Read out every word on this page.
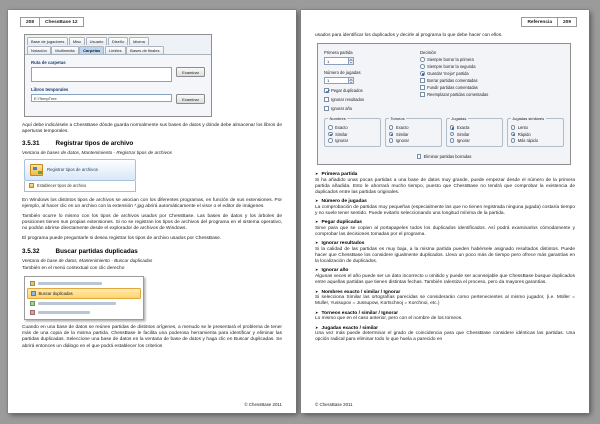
208	ChessBase 12
Base de jugadores	Misc	Usuario	Diseño	Idioma
Notación	Multimedia	Carpetas	Límites	Bases de finales
Ruta de carpetas
Examinar
Libros temporales
E:\TempTree	Examinar

Aquí debe indicársele a ChessBase dónde guarda normalmente sus bases de datos y dónde debe almacenar los libros de aperturas temporales.

3.5.31	Registrar tipos de archivo
Ventana de bases de datos, Mantenimiento - Registrar tipos de archivos
Registrar tipos de archivos
Establecer tipos de archivo

En Windows los distintos tipos de archivos se asocian con los diferentes programas, en función de sus extensiones. Por ejemplo, al hacer clic en un archivo con la extensión *.jpg abrirá automáticamente el visor o el editor de imágenes.

También ocurre lo mismo con los tipos de archivos usados por ChessBase. Las bases de datos y los árboles de posiciones tienen sus propias extensiones. Si no se registran los tipos de archivos del programa en el sistema operativo, no podrán abrirse directamente desde el explorador de archivos de Windows.

El programa puede preguntarle si desea registrar los tipos de archivo usados por ChessBase.

3.5.32	Buscar partidas duplicadas
Ventana de base de datos, Mantenimiento - Buscar duplicadas

También en el menú contextual con clic derecho

Buscar duplicadas

Cuando en una base de datos se reúnen partidas de distintos orígenes, a menudo se le presentará el problema de tener más de una copia de la misma partida. ChessBase le facilita una poderosa herramienta para identificar y eliminar las partidas duplicadas. Seleccione una base de datos en la ventana de base de datos y haga clic en Buscar duplicadas. Se abrirá entonces un diálogo en el que podrá establecer los criterios

© ChessBase 2011
Referencia	209

usados para identificar los duplicados y decirle al programa lo que debe hacer con ellos.

Primera partida
1
Número de jugadas
1
Pegar duplicados
Ignorar resultados
Ignorar año
Decisión
Siempre borrar la primera
Siempre borrar la segunda
Guardar 'mejor' partida
Borrar partidas comentadas
Fundir partidas comentadas
Reemplazar partidas comentadas
Nombres
Exacto
Similar
Ignorar
Torneos
Exacto
Similar
Ignorar
Jugadas
Exacta
Similar
Ignorar
Jugadas similares
Lento
Rápido
Más rápido
Eliminar partidas borradas
➤ Primera partida
Si ha añadido unas pocas partidas a una base de datos muy grande, puede empezar desde el número de la primera partida añadida. Esto le ahorrará mucho tiempo, puesto que ChessBase no tendrá que comprobar la existencia de duplicados entre las partidas originales.
➤ Número de jugadas
La comprobación de partidas muy pequeñas (especialmente las que no tienen registrada ninguna jugada) costaría tiempo y no suele tener sentido. Puede evitarlo seleccionando una longitud mínima de la partida.
➤ Pegar duplicadas
Sirve para que se copien al portapapeles todos los duplicados identificados. Así podrá examinarlos cómodamente y comprobar las decisiones tomadas por el programa.
➤ Ignorar resultados
Si la calidad de las partidas es muy baja, a la misma partida pueden habérsele asignado resultados distintos. Puede hacer que ChessBase los considere igualmente duplicados. Lleva un poco más de tiempo pero ofrece más garantías en la localización de duplicados.
➤ Ignorar año
Algunas veces el año puede ser un dato incorrecto u omitido y puede ser aconsejable que ChessBase busque duplicados entre aquellas partidas que tienen distintas fechas. También ralentiza el proceso, pero da mayores garantías.
➤ Nombres exacto / similar / Ignorar
Si selecciona Similar las ortografías parecidas se considerarán como pertenecientes al mismo jugador, (i.e. Müller = Muller, Yussupov = Jussupow, Kortschnoj = Korchnoi, etc.)
➤ Torneos exacto / similar / Ignorar
Lo mismo que en el caso anterior, pero con el nombre de los torneos.
➤ Jugadas exacto / similar
Una vez más puede determinar el grado de coincidencia para que ChessBase considere idénticas las partidas. Una opción radical para eliminar todo lo que huela a parecido en
© ChessBase 2011
